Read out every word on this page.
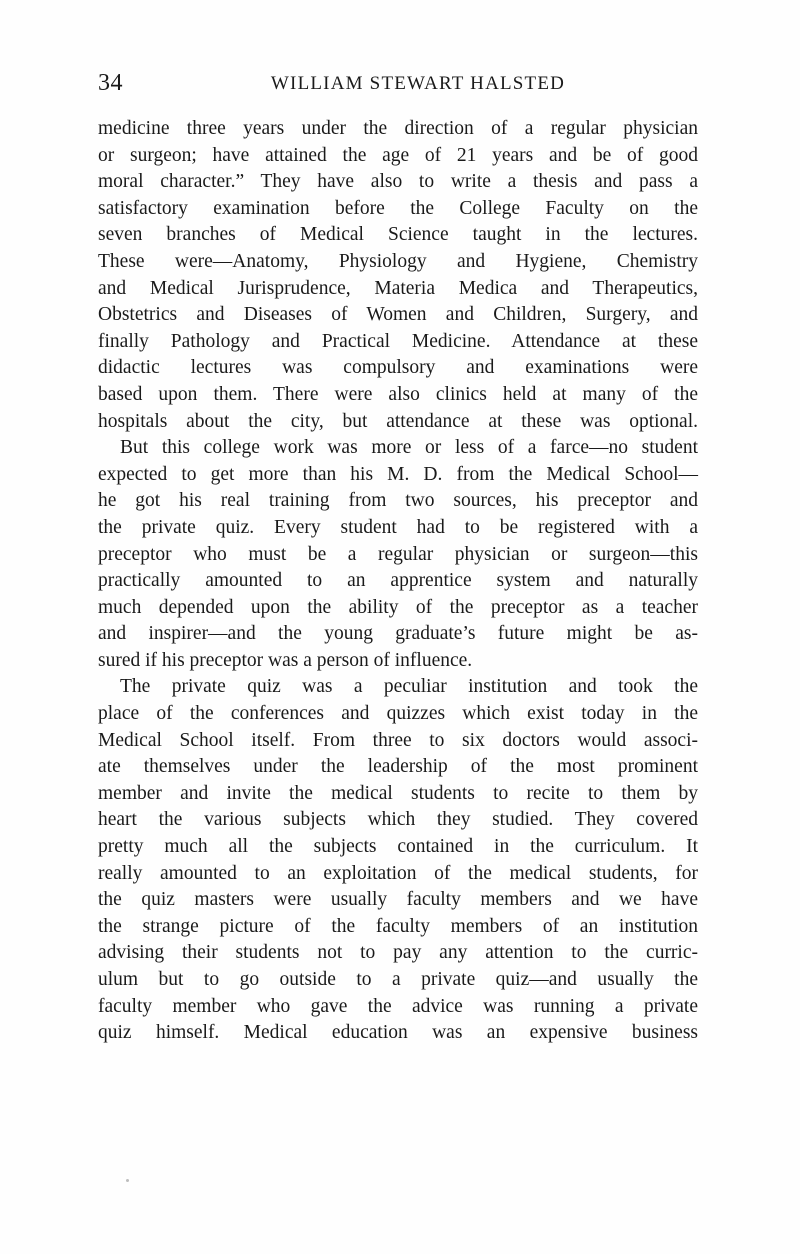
34	WILLIAM STEWART HALSTED
medicine three years under the direction of a regular physician
or surgeon; have attained the age of 21 years and be of good
moral character.” They have also to write a thesis and pass a
satisfactory examination before the College Faculty on the
seven branches of Medical Science taught in the lectures.
These were—Anatomy, Physiology and Hygiene, Chemistry
and Medical Jurisprudence, Materia Medica and Therapeutics,
Obstetrics and Diseases of Women and Children, Surgery, and
finally Pathology and Practical Medicine. Attendance at these
didactic lectures was compulsory and examinations were
based upon them. There were also clinics held at many of the
hospitals about the city, but attendance at these was optional.
But this college work was more or less of a farce—no student
expected to get more than his M. D. from the Medical School—
he got his real training from two sources, his preceptor and
the private quiz. Every student had to be registered with a
preceptor who must be a regular physician or surgeon—this
practically amounted to an apprentice system and naturally
much depended upon the ability of the preceptor as a teacher
and inspirer—and the young graduate’s future might be as-
sured if his preceptor was a person of influence.
The private quiz was a peculiar institution and took the
place of the conferences and quizzes which exist today in the
Medical School itself. From three to six doctors would associ-
ate themselves under the leadership of the most prominent
member and invite the medical students to recite to them by
heart the various subjects which they studied. They covered
pretty much all the subjects contained in the curriculum. It
really amounted to an exploitation of the medical students, for
the quiz masters were usually faculty members and we have
the strange picture of the faculty members of an institution
advising their students not to pay any attention to the curric-
ulum but to go outside to a private quiz—and usually the
faculty member who gave the advice was running a private
quiz himself. Medical education was an expensive business
